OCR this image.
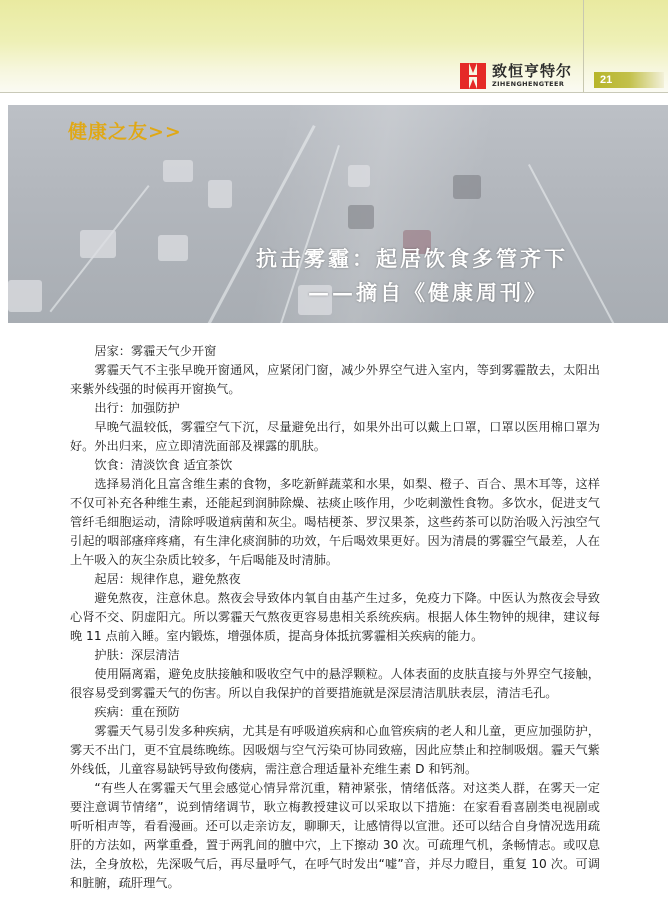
致恒亨特尔
ZIHENGHENGTEER	21
健康之友>>
抗击雾霾：起居饮食多管齐下
——摘自《健康周刊》

居家：雾霾天气少开窗

雾霾天气不主张早晚开窗通风，应紧闭门窗，减少外界空气进入室内，等到雾霾散去，太阳出来紫外线强的时候再开窗换气。

出行：加强防护

早晚气温较低，雾霾空气下沉，尽量避免出行，如果外出可以戴上口罩，口罩以医用棉口罩为好。外出归来，应立即清洗面部及裸露的肌肤。

饮食：清淡饮食 适宜茶饮

选择易消化且富含维生素的食物，多吃新鲜蔬菜和水果，如梨、橙子、百合、黑木耳等，这样不仅可补充各种维生素，还能起到润肺除燥、祛痰止咳作用，少吃刺激性食物。多饮水，促进支气管纤毛细胞运动，清除呼吸道病菌和灰尘。喝桔梗茶、罗汉果茶，这些药茶可以防治吸入污浊空气引起的咽部瘙痒疼痛，有生津化痰润肺的功效，午后喝效果更好。因为清晨的雾霾空气最差，人在上午吸入的灰尘杂质比较多，午后喝能及时清肺。

起居：规律作息，避免熬夜

避免熬夜，注意休息。熬夜会导致体内氧自由基产生过多，免疫力下降。中医认为熬夜会导致心肾不交、阴虚阳亢。所以雾霾天气熬夜更容易患相关系统疾病。根据人体生物钟的规律，建议每晚 11 点前入睡。室内锻炼，增强体质，提高身体抵抗雾霾相关疾病的能力。

护肤：深层清洁

使用隔离霜，避免皮肤接触和吸收空气中的悬浮颗粒。人体表面的皮肤直接与外界空气接触，很容易受到雾霾天气的伤害。所以自我保护的首要措施就是深层清洁肌肤表层，清洁毛孔。

疾病：重在预防

雾霾天气易引发多种疾病，尤其是有呼吸道疾病和心血管疾病的老人和儿童，更应加强防护，雾天不出门，更不宜晨练晚练。因吸烟与空气污染可协同致癌，因此应禁止和控制吸烟。霾天气紫外线低，儿童容易缺钙导致佝偻病，需注意合理适量补充维生素 D 和钙剂。

“有些人在雾霾天气里会感觉心情异常沉重，精神紧张，情绪低落。对这类人群，在雾天一定要注意调节情绪”，说到情绪调节，耿立梅教授建议可以采取以下措施：在家看看喜剧类电视剧或听听相声等，看看漫画。还可以走亲访友，聊聊天，让感情得以宣泄。还可以结合自身情况选用疏肝的方法如，两掌重叠，置于两乳间的膻中穴，上下擦动 30 次。可疏理气机，条畅情志。或叹息法，全身放松，先深吸气后，再尽量呼气，在呼气时发出“嘘”音，并尽力瞪目，重复 10 次。可调和脏腑，疏肝理气。
